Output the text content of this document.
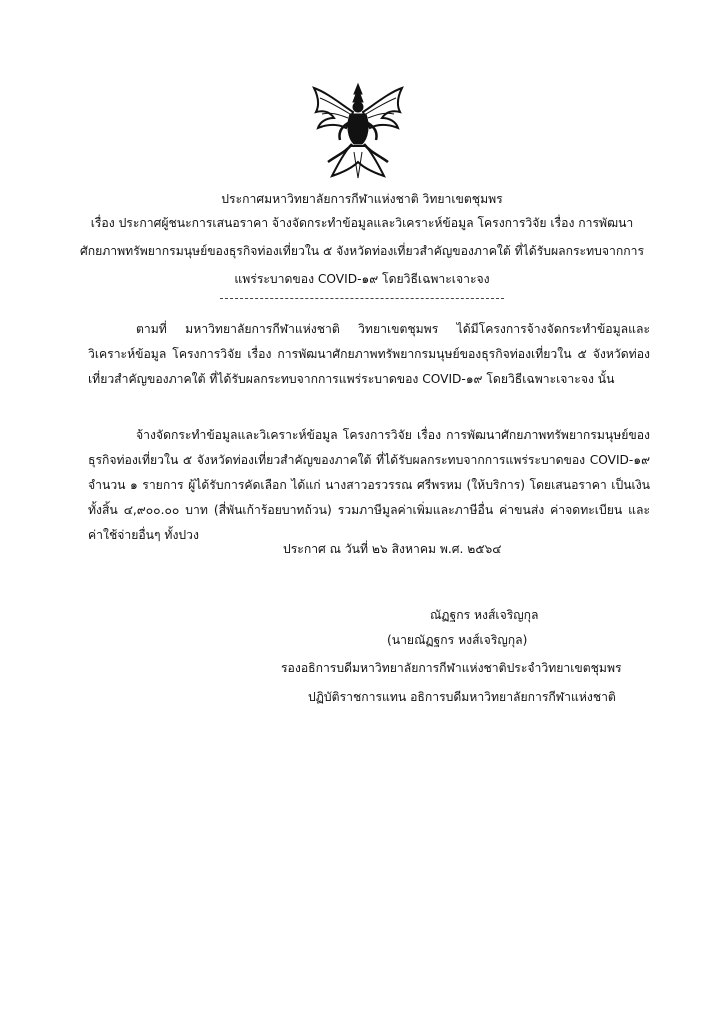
ประกาศมหาวิทยาลัยการกีฬาแห่งชาติ วิทยาเขตชุมพร
เรื่อง ประกาศผู้ชนะการเสนอราคา จ้างจัดกระทำข้อมูลและวิเคราะห์ข้อมูล โครงการวิจัย เรื่อง การพัฒนา
ศักยภาพทรัพยากรมนุษย์ของธุรกิจท่องเที่ยวใน ๕ จังหวัดท่องเที่ยวสำคัญของภาคใต้ ที่ได้รับผลกระทบจากการ
แพร่ระบาดของ COVID-๑๙ โดยวิธีเฉพาะเจาะจง
ตามที่ มหาวิทยาลัยการกีฬาแห่งชาติ วิทยาเขตชุมพร ได้มีโครงการจ้างจัดกระทำข้อมูลและวิเคราะห์ข้อมูล โครงการวิจัย เรื่อง การพัฒนาศักยภาพทรัพยากรมนุษย์ของธุรกิจท่องเที่ยวใน ๕ จังหวัดท่องเที่ยวสำคัญของภาคใต้ ที่ได้รับผลกระทบจากการแพร่ระบาดของ COVID-๑๙ โดยวิธีเฉพาะเจาะจง นั้น
จ้างจัดกระทำข้อมูลและวิเคราะห์ข้อมูล โครงการวิจัย เรื่อง การพัฒนาศักยภาพทรัพยากรมนุษย์ของธุรกิจท่องเที่ยวใน ๕ จังหวัดท่องเที่ยวสำคัญของภาคใต้ ที่ได้รับผลกระทบจากการแพร่ระบาดของ COVID-๑๙ จำนวน ๑ รายการ ผู้ได้รับการคัดเลือก ได้แก่ นางสาวอรวรรณ ศรีพรหม (ให้บริการ) โดยเสนอราคา เป็นเงินทั้งสิ้น ๔,๙๐๐.๐๐ บาท (สี่พันเก้าร้อยบาทถ้วน) รวมภาษีมูลค่าเพิ่มและภาษีอื่น ค่าขนส่ง ค่าจดทะเบียน และค่าใช้จ่ายอื่นๆ ทั้งปวง
ประกาศ ณ วันที่ ๒๖ สิงหาคม พ.ศ. ๒๕๖๔
ณัฏฐกร หงส์เจริญกุล
(นายณัฏฐกร หงส์เจริญกุล)
รองอธิการบดีมหาวิทยาลัยการกีฬาแห่งชาติประจำวิทยาเขตชุมพร
ปฏิบัติราชการแทน อธิการบดีมหาวิทยาลัยการกีฬาแห่งชาติ
